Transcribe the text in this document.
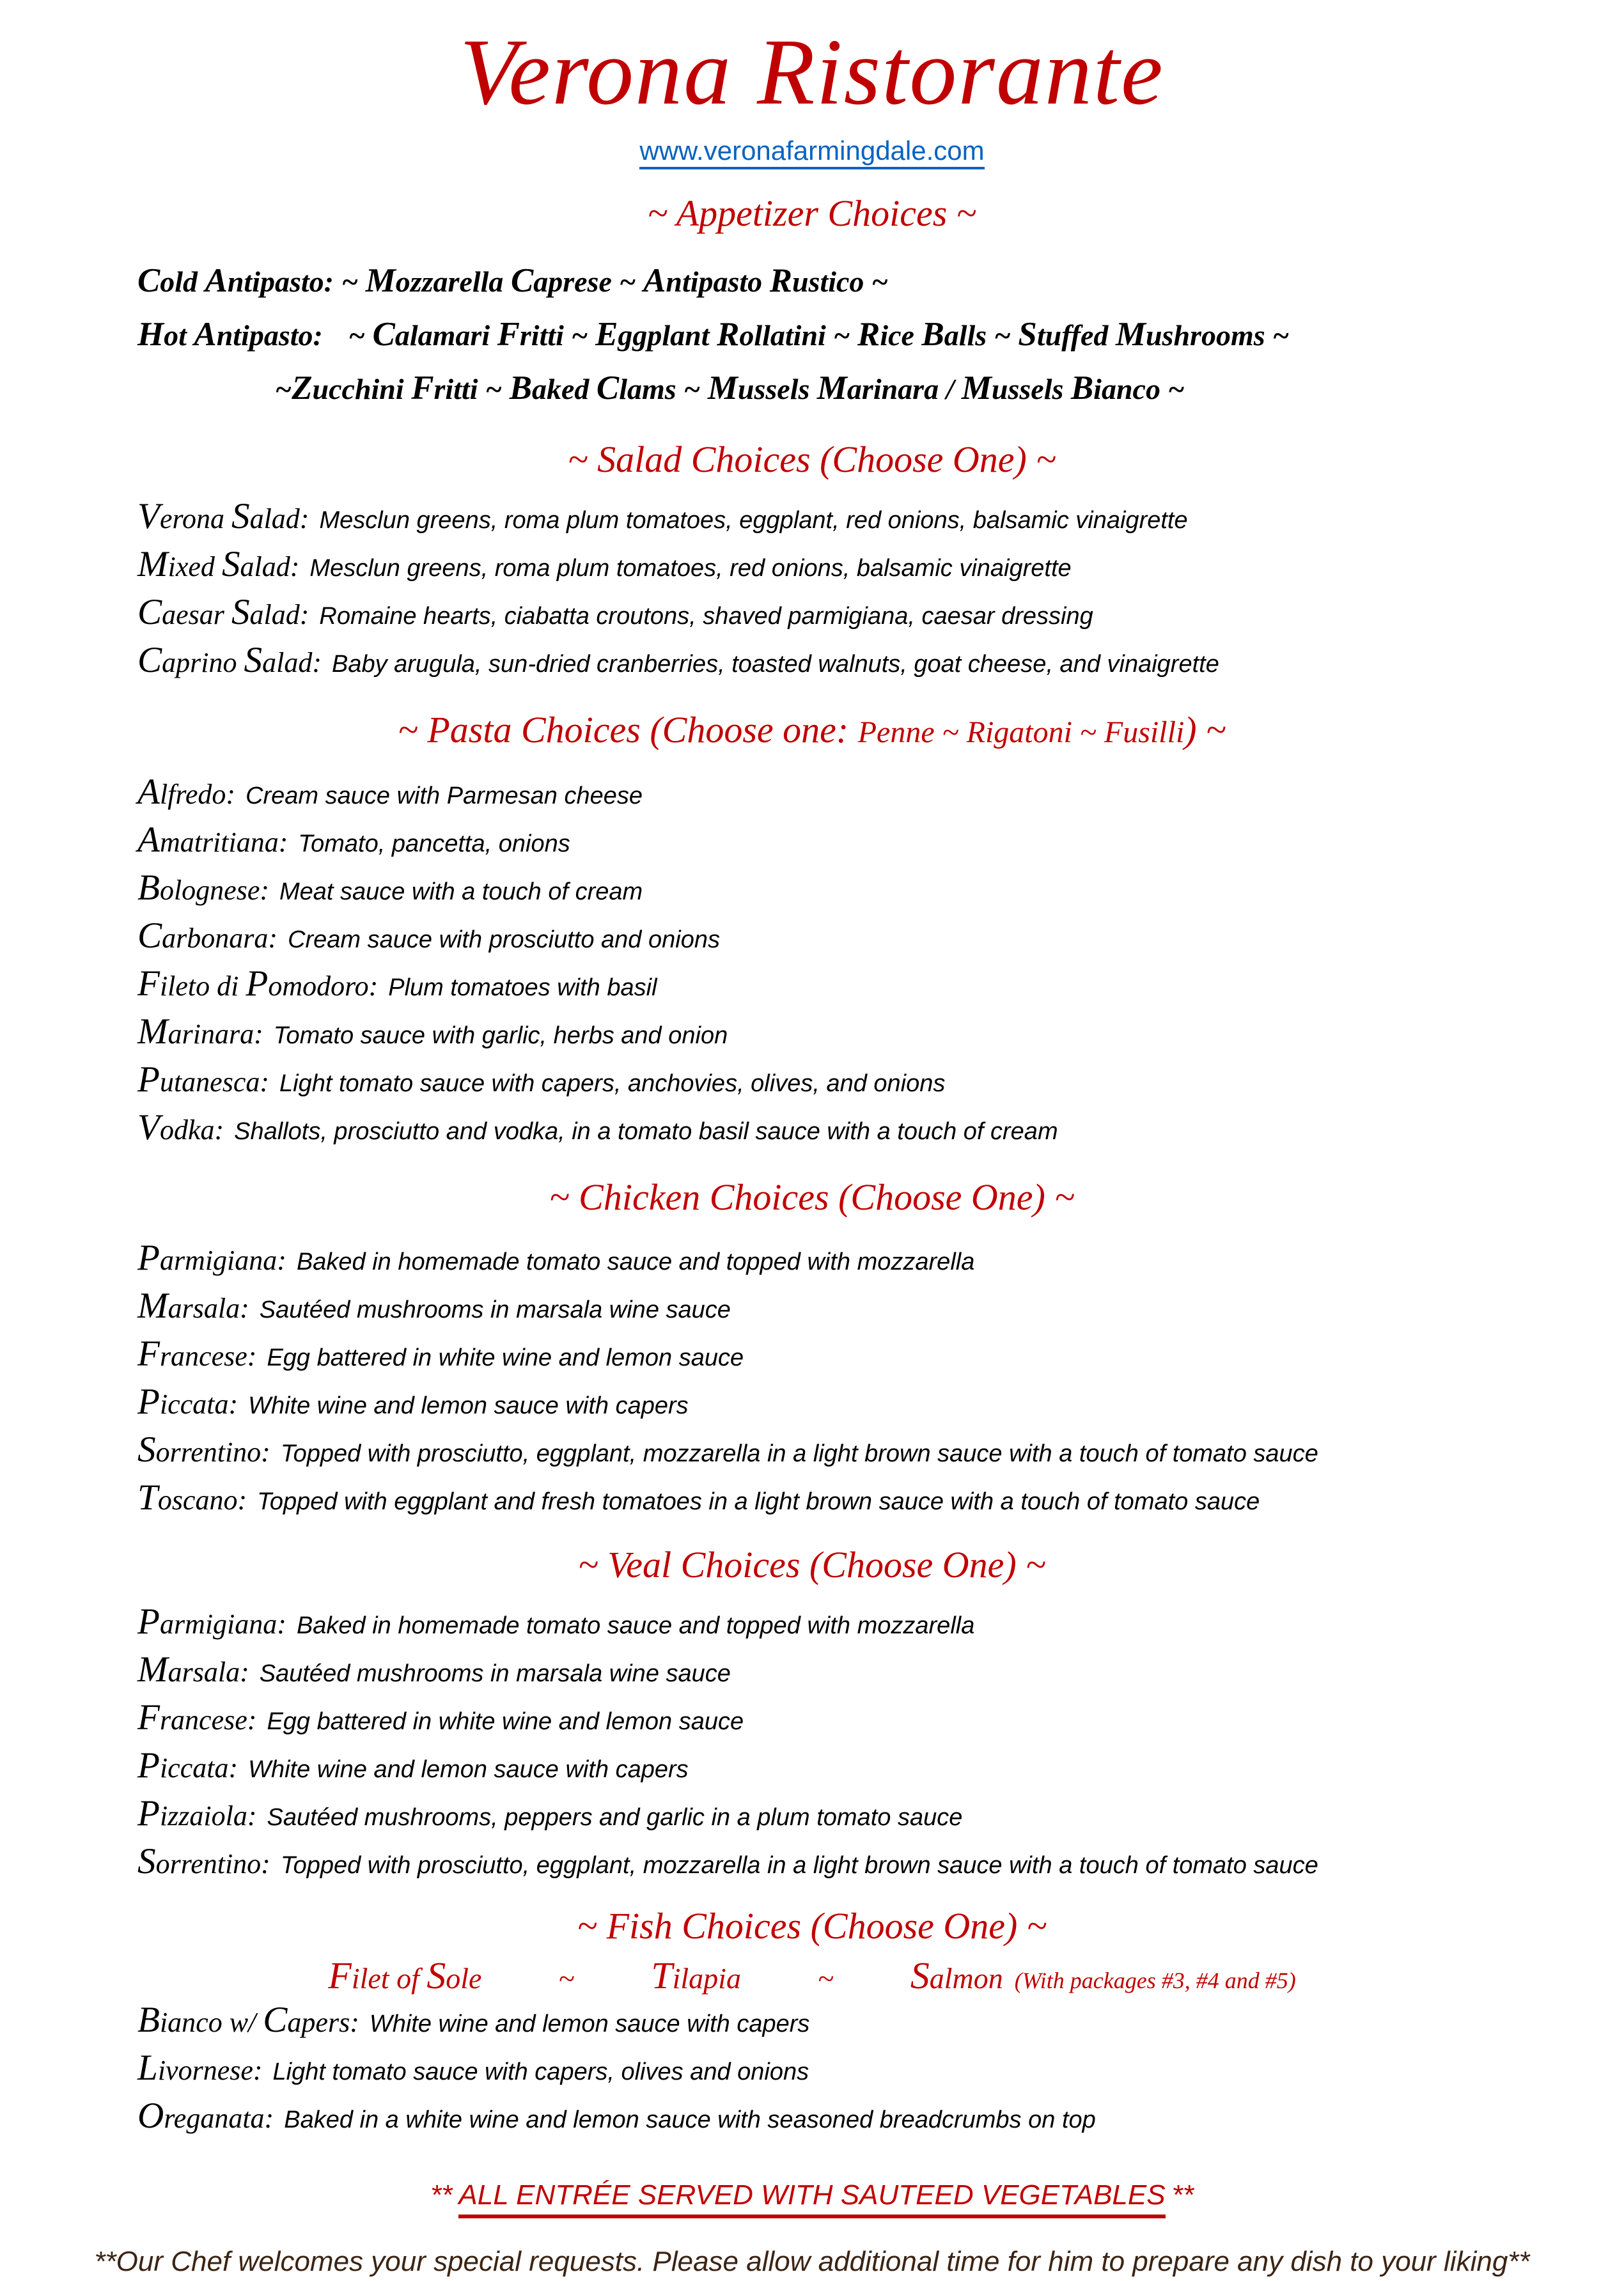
Verona Ristorante
www.veronafarmingdale.com
~ Appetizer Choices ~

Cold Antipasto: ~ Mozzarella Caprese ~ Antipasto Rustico ~

Hot Antipasto: ~ Calamari Fritti ~ Eggplant Rollatini ~ Rice Balls ~ Stuffed Mushrooms ~

~Zucchini Fritti ~ Baked Clams ~ Mussels Marinara / Mussels Bianco ~

~ Salad Choices (Choose One) ~

Verona Salad: Mesclun greens, roma plum tomatoes, eggplant, red onions, balsamic vinaigrette

Mixed Salad: Mesclun greens, roma plum tomatoes, red onions, balsamic vinaigrette

Caesar Salad: Romaine hearts, ciabatta croutons, shaved parmigiana, caesar dressing

Caprino Salad: Baby arugula, sun-dried cranberries, toasted walnuts, goat cheese, and vinaigrette

~ Pasta Choices (Choose one: Penne ~ Rigatoni ~ Fusilli) ~

Alfredo: Cream sauce with Parmesan cheese

Amatritiana: Tomato, pancetta, onions

Bolognese: Meat sauce with a touch of cream

Carbonara: Cream sauce with prosciutto and onions

Fileto di Pomodoro: Plum tomatoes with basil

Marinara: Tomato sauce with garlic, herbs and onion

Putanesca: Light tomato sauce with capers, anchovies, olives, and onions

Vodka: Shallots, prosciutto and vodka, in a tomato basil sauce with a touch of cream

~ Chicken Choices (Choose One) ~

Parmigiana: Baked in homemade tomato sauce and topped with mozzarella

Marsala: Sautéed mushrooms in marsala wine sauce

Francese: Egg battered in white wine and lemon sauce

Piccata: White wine and lemon sauce with capers

Sorrentino: Topped with prosciutto, eggplant, mozzarella in a light brown sauce with a touch of tomato sauce

Toscano: Topped with eggplant and fresh tomatoes in a light brown sauce with a touch of tomato sauce

~ Veal Choices (Choose One) ~

Parmigiana: Baked in homemade tomato sauce and topped with mozzarella

Marsala: Sautéed mushrooms in marsala wine sauce

Francese: Egg battered in white wine and lemon sauce

Piccata: White wine and lemon sauce with capers

Pizzaiola: Sautéed mushrooms, peppers and garlic in a plum tomato sauce

Sorrentino: Topped with prosciutto, eggplant, mozzarella in a light brown sauce with a touch of tomato sauce

~ Fish Choices (Choose One) ~

Filet of Sole	~ Tilapia	~ Salmon (With packages #3, #4 and #5)

Bianco w/ Capers: White wine and lemon sauce with capers

Livornese: Light tomato sauce with capers, olives and onions

Oreganata: Baked in a white wine and lemon sauce with seasoned breadcrumbs on top

** ALL ENTRÉE SERVED WITH SAUTEED VEGETABLES **

**Our Chef welcomes your special requests. Please allow additional time for him to prepare any dish to your liking**
